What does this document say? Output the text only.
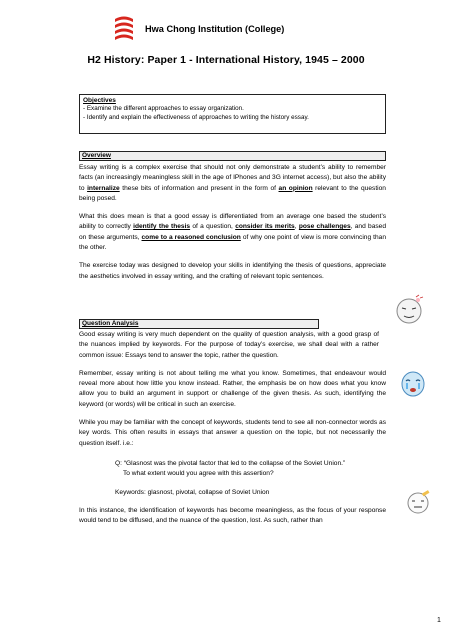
Hwa Chong Institution (College)
H2 History: Paper 1 - International History, 1945 – 2000
Objectives
- Examine the different approaches to essay organization.
- Identify and explain the effectiveness of approaches to writing the history essay.
Overview

Essay writing is a complex exercise that should not only demonstrate a student’s ability to remember facts (an increasingly meaningless skill in the age of IPhones and 3G internet access), but also the ability to internalize these bits of information and present in the form of an opinion relevant to the question being posed.

What this does mean is that a good essay is differentiated from an average one based the student’s ability to correctly identify the thesis of a question, consider its merits, pose challenges, and based on these arguments, come to a reasoned conclusion of why one point of view is more convincing than the other.

The exercise today was designed to develop your skills in identifying the thesis of questions, appreciate the aesthetics involved in essay writing, and the crafting of relevant topic sentences.

Question Analysis

Good essay writing is very much dependent on the quality of question analysis, with a good grasp of the nuances implied by keywords. For the purpose of today’s exercise, we shall deal with a rather common issue: Essays tend to answer the topic, rather the question.

Remember, essay writing is not about telling me what you know. Sometimes, that endeavour would reveal more about how little you know instead. Rather, the emphasis be on how does what you know allow you to build an argument in support or challenge of the given thesis. As such, identifying the keyword (or words) will be critical in such an exercise.

While you may be familiar with the concept of keywords, students tend to see all non-connector words as key words. This often results in essays that answer a question on the topic, but not necessarily the question itself. i.e.:

Q: “Glasnost was the pivotal factor that led to the collapse of the Soviet Union.”
To what extent would you agree with this assertion?
Keywords: glasnost, pivotal, collapse of Soviet Union

In this instance, the identification of keywords has become meaningless, as the focus of your response would tend to be diffused, and the nuance of the question, lost. As such, rather than

1
